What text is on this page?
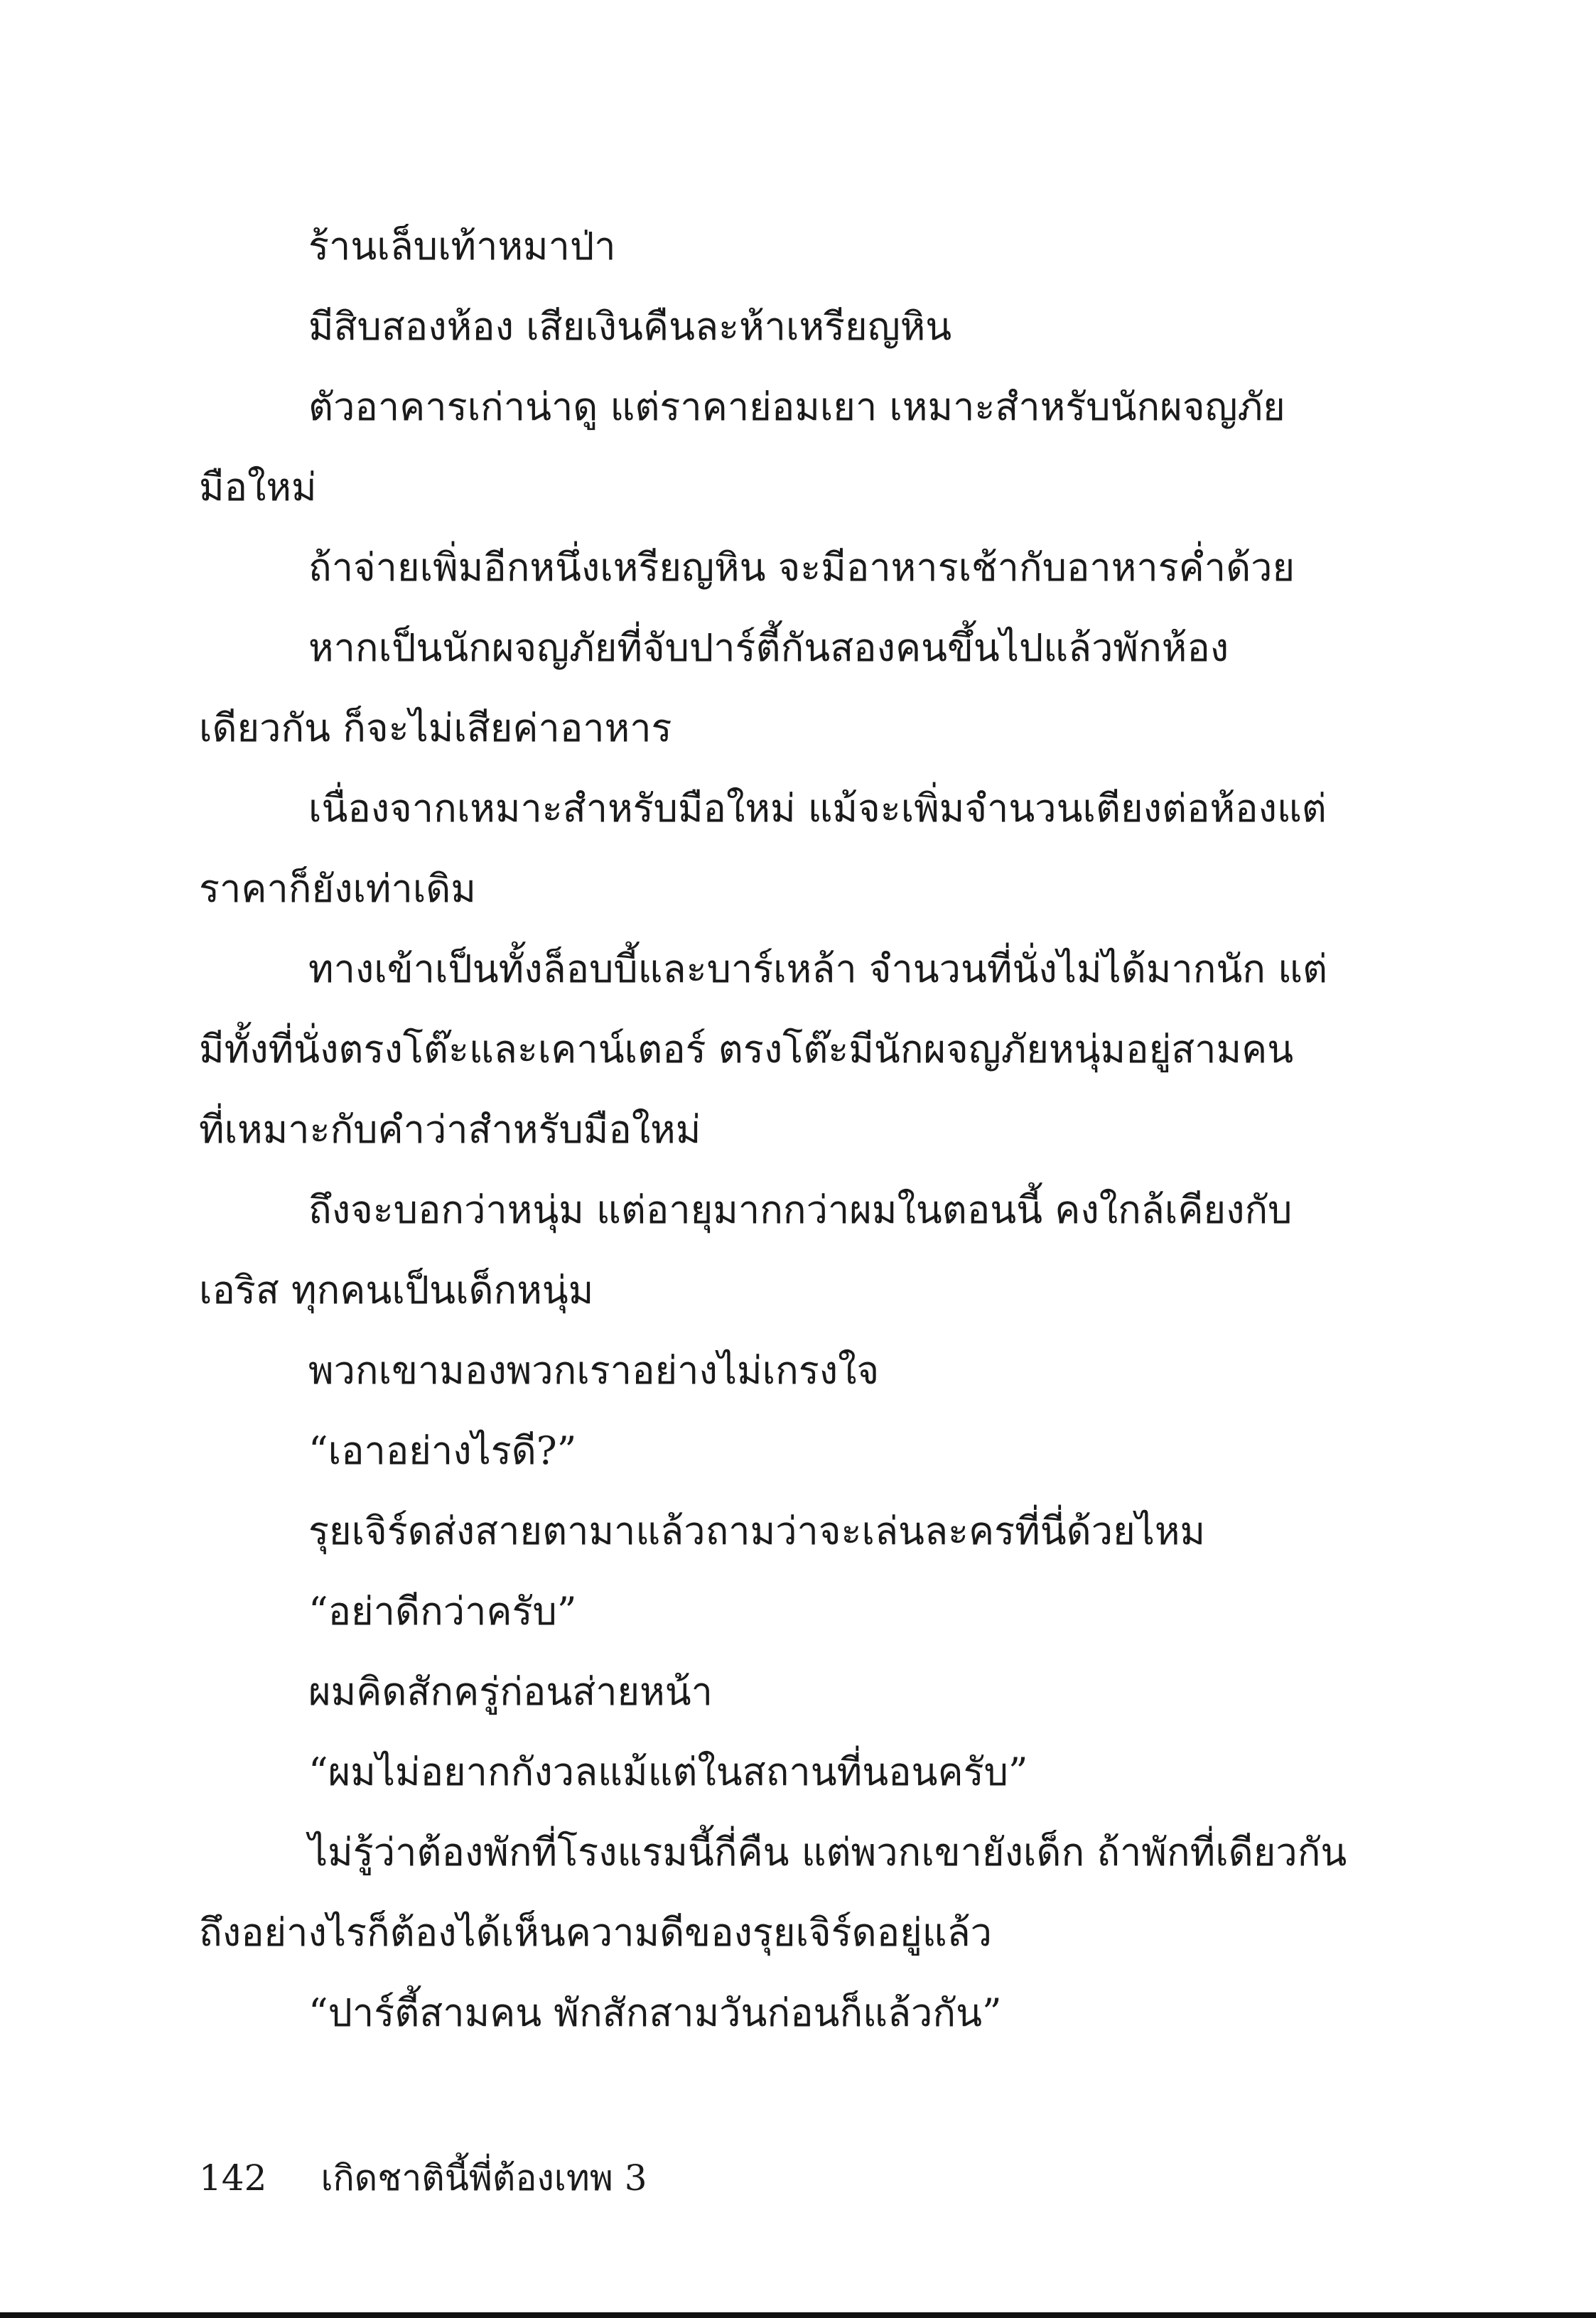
ร้านเล็บเท้าหมาป่า

มีสิบสองห้อง เสียเงินคืนละห้าเหรียญหิน

ตัวอาคารเก่าน่าดู แต่ราคาย่อมเยา เหมาะสำหรับนักผจญภัย

มือใหม่

ถ้าจ่ายเพิ่มอีกหนึ่งเหรียญหิน จะมีอาหารเช้ากับอาหารค่ำด้วย

หากเป็นนักผจญภัยที่จับปาร์ตี้กันสองคนขึ้นไปแล้วพักห้อง

เดียวกัน ก็จะไม่เสียค่าอาหาร

เนื่องจากเหมาะสำหรับมือใหม่ แม้จะเพิ่มจำนวนเตียงต่อห้องแต่

ราคาก็ยังเท่าเดิม

ทางเข้าเป็นทั้งล็อบบี้และบาร์เหล้า จำนวนที่นั่งไม่ได้มากนัก แต่

มีทั้งที่นั่งตรงโต๊ะและเคาน์เตอร์ ตรงโต๊ะมีนักผจญภัยหนุ่มอยู่สามคน

ที่เหมาะกับคำว่าสำหรับมือใหม่

ถึงจะบอกว่าหนุ่ม แต่อายุมากกว่าผมในตอนนี้ คงใกล้เคียงกับ

เอริส ทุกคนเป็นเด็กหนุ่ม

พวกเขามองพวกเราอย่างไม่เกรงใจ

“เอาอย่างไรดี?”

รุยเจิร์ดส่งสายตามาแล้วถามว่าจะเล่นละครที่นี่ด้วยไหม

“อย่าดีกว่าครับ”

ผมคิดสักครู่ก่อนส่ายหน้า

“ผมไม่อยากกังวลแม้แต่ในสถานที่นอนครับ”

ไม่รู้ว่าต้องพักที่โรงแรมนี้กี่คืน แต่พวกเขายังเด็ก ถ้าพักที่เดียวกัน

ถึงอย่างไรก็ต้องได้เห็นความดีของรุยเจิร์ดอยู่แล้ว

“ปาร์ตี้สามคน พักสักสามวันก่อนก็แล้วกัน”

142 เกิดชาตินี้พี่ต้องเทพ 3
